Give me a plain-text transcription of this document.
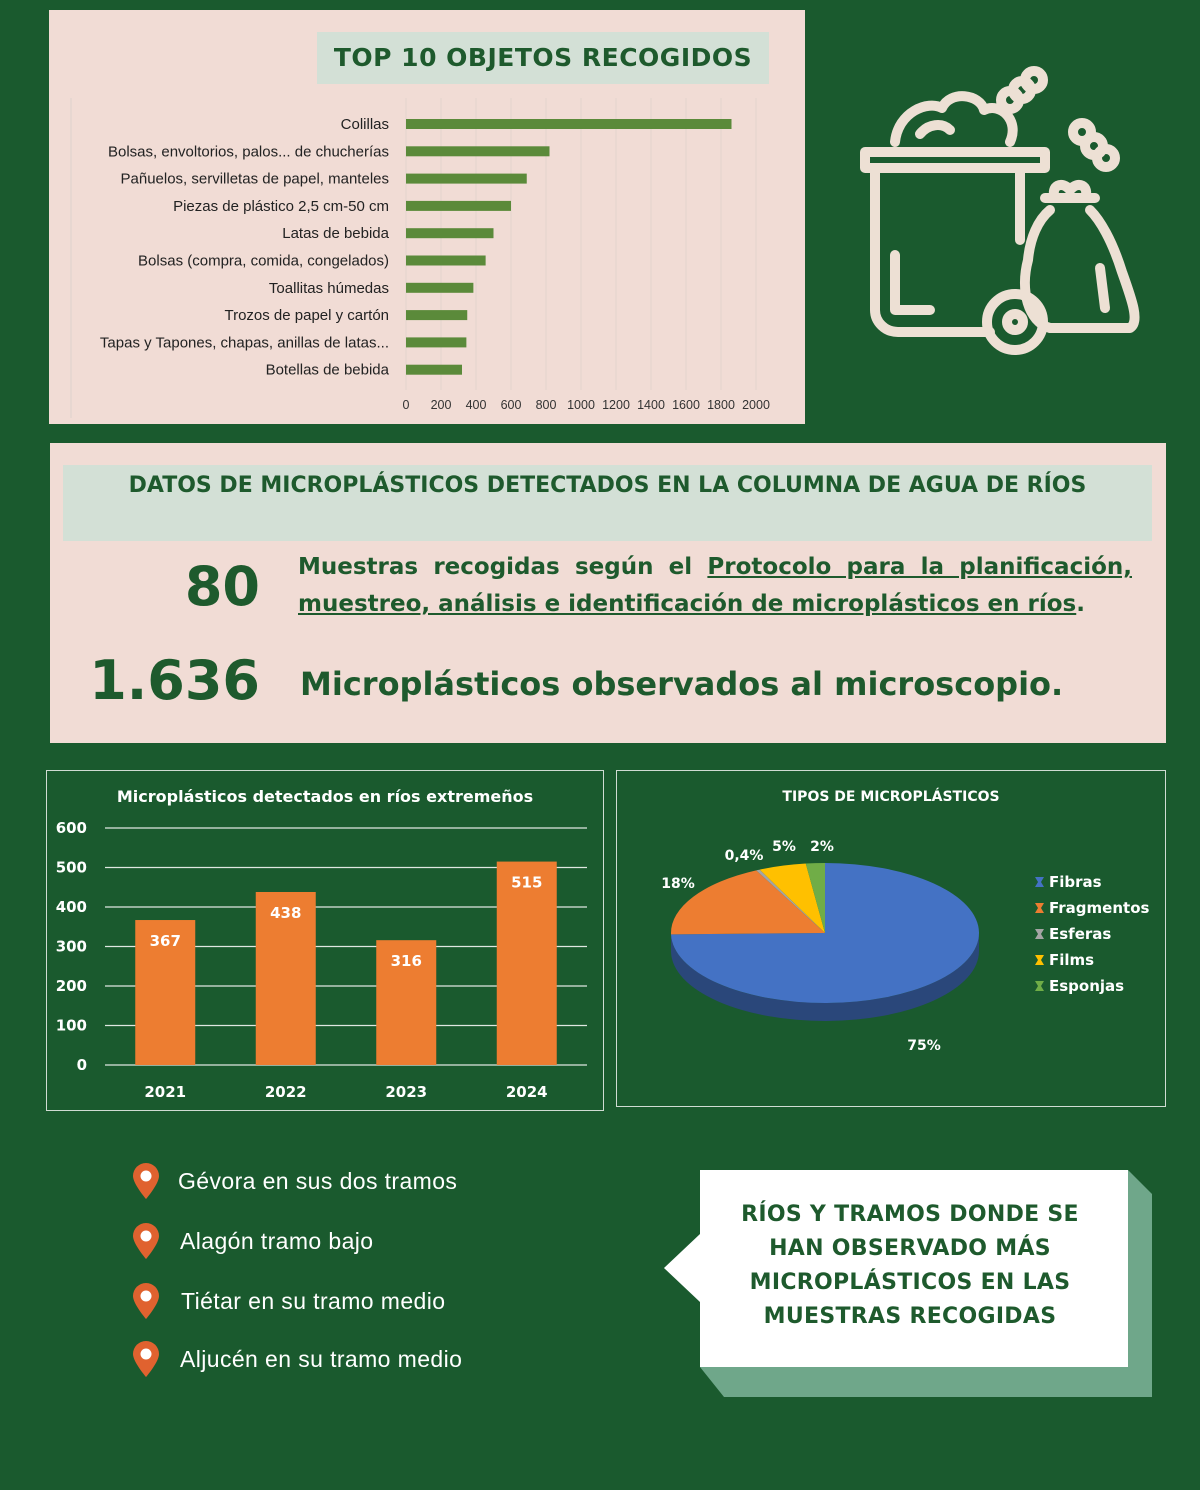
0 200 400 600 800 1000 1200 1400 1600 1800 2000
Colillas
Bolsas, envoltorios, palos... de chucherías
Pañuelos, servilletas de papel, manteles
Piezas de plástico 2,5 cm-50 cm
Latas de bebida
Bolsas (compra, comida, congelados)
Toallitas húmedas
Trozos de papel y cartón
Tapas y Tapones, chapas, anillas de latas...
Botellas de bebida
TOP 10 OBJETOS RECOGIDOS
DATOS DE MICROPLÁSTICOS DETECTADOS EN LA COLUMNA DE AGUA DE RÍOS
80 Muestras recogidas según el Protocolo para la planificación, muestreo, análisis e identificación de microplásticos en ríos.
1.636 Microplásticos observados al microscopio.
Microplásticos detectados en ríos extremeños
0
100
200
300
400
500
600
367
2021
438
2022
316
2023
515
2024
TIPOS DE MICROPLÁSTICOS
75%
18%
0,4%
5% 2%
Fibras
Fragmentos
Esferas
Films
Esponjas
Gévora en sus dos tramos
Alagón tramo bajo
Tiétar en su tramo medio
Aljucén en su tramo medio
RÍOS Y TRAMOS DONDE SE
HAN OBSERVADO MÁS
MICROPLÁSTICOS EN LAS
MUESTRAS RECOGIDAS
